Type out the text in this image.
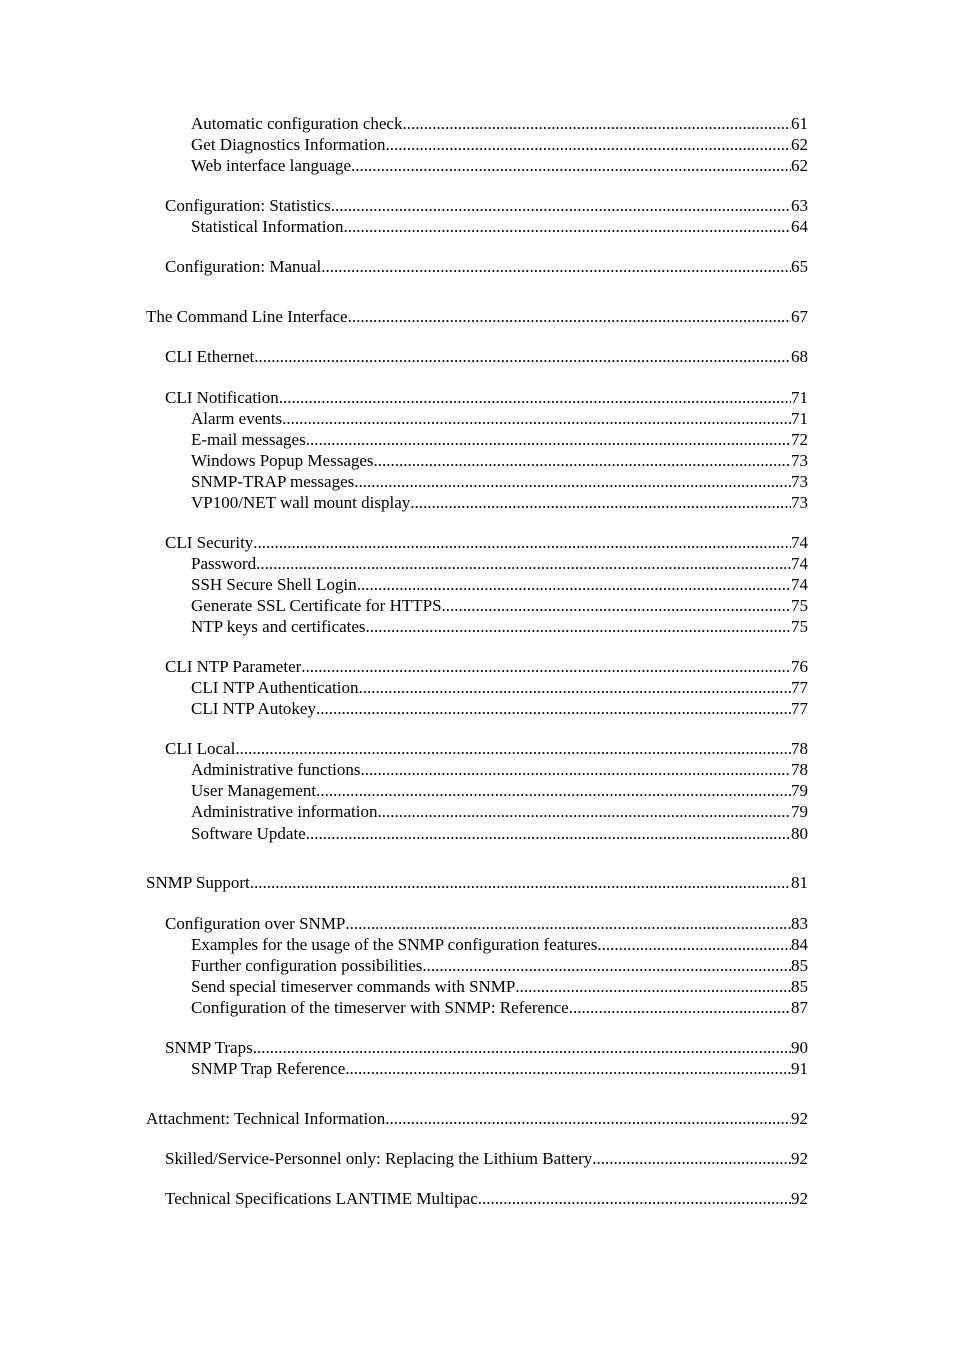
Automatic configuration check .....	61
Get Diagnostics Information .....	62
Web interface language .....	62
Configuration: Statistics .....	63
Statistical Information .....	64
Configuration: Manual .....	65
The Command Line Interface .....	67
CLI Ethernet .....	68
CLI Notification .....	71
Alarm events .....	71
E-mail messages .....	72
Windows Popup Messages .....	73
SNMP-TRAP messages .....	73
VP100/NET wall mount display .....	73
CLI Security .....	74
Password .....	74
SSH Secure Shell Login .....	74
Generate SSL Certificate for HTTPS .....	75
NTP keys and certificates .....	75
CLI NTP Parameter .....	76
CLI NTP Authentication .....	77
CLI NTP Autokey .....	77
CLI Local .....	78
Administrative functions .....	78
User Management .....	79
Administrative information .....	79
Software Update .....	80
SNMP Support .....	81
Configuration over SNMP .....	83
Examples for the usage of the SNMP configuration features .....	84
Further configuration possibilities .....	85
Send special timeserver commands with SNMP .....	85
Configuration of the timeserver with SNMP: Reference .....	87
SNMP Traps .....	90
SNMP Trap Reference .....	91
Attachment: Technical Information .....	92
Skilled/Service-Personnel only: Replacing the Lithium Battery .....	92
Technical Specifications LANTIME Multipac .....	92
